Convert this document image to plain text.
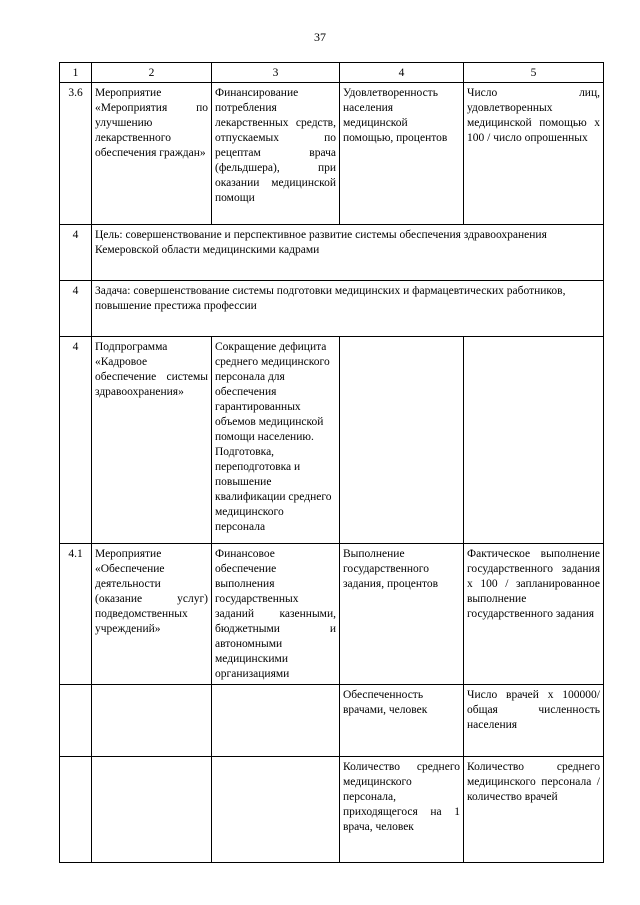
37
1	2	3	4	5
3.6	Мероприятие «Мероприятия по улучшению лекарственного обеспечения граждан»	Финансирование потребления лекарственных средств, отпускаемых по рецептам врача (фельдшера), при оказании медицинской помощи	Удовлетворенность населения медицинской помощью, процентов	Число лиц, удовлетворенных медицинской помощью х 100 / число опрошенных
4	Цель: совершенствование и перспективное развитие системы обеспечения здравоохранения Кемеровской области медицинскими кадрами			
4	Задача: совершенствование системы подготовки медицинских и фармацевтических работников, повышение престижа профессии			
4	Подпрограмма «Кадровое обеспечение системы здравоохранения»	Сокращение дефицита среднего медицинского персонала для обеспечения гарантированных объемов медицинской помощи населению. Подготовка, переподготовка и повышение квалификации среднего медицинского персонала		
4.1	Мероприятие «Обеспечение деятельности (оказание услуг) подведомственных учреждений»	Финансовое обеспечение выполнения государственных заданий казенными, бюджетными и автономными медицинскими организациями	Выполнение государственного задания, процентов	Фактическое выполнение государственного задания х 100 / запланированное выполнение государственного задания
			Обеспеченность врачами, человек	Число врачей х 100000/ общая численность населения
			Количество среднего медицинского персонала, приходящегося на 1 врача, человек	Количество среднего медицинского персонала / количество врачей
